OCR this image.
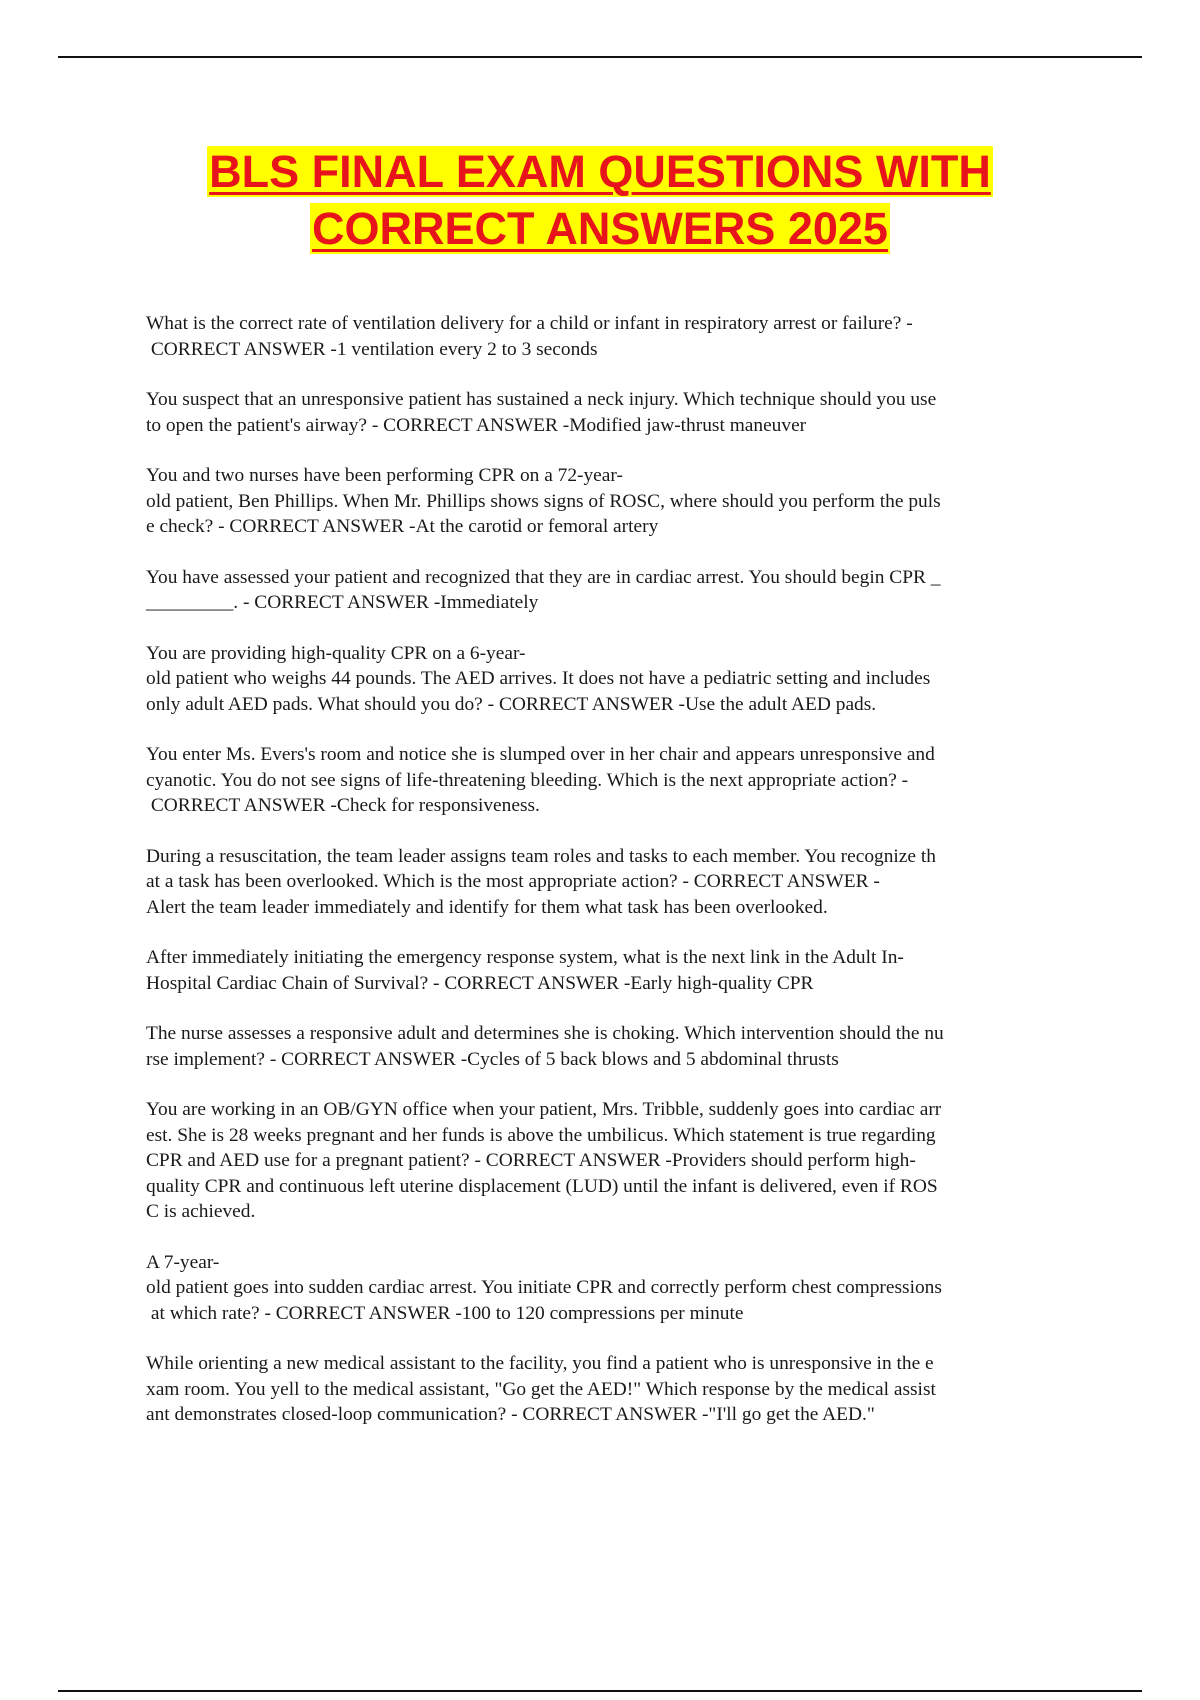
BLS FINAL EXAM QUESTIONS WITH
CORRECT ANSWERS 2025

What is the correct rate of ventilation delivery for a child or infant in respiratory arrest or failure? -
CORRECT ANSWER -1 ventilation every 2 to 3 seconds

You suspect that an unresponsive patient has sustained a neck injury. Which technique should you use
to open the patient's airway? - CORRECT ANSWER -Modified jaw-thrust maneuver

You and two nurses have been performing CPR on a 72-year-
old patient, Ben Phillips. When Mr. Phillips shows signs of ROSC, where should you perform the puls
e check? - CORRECT ANSWER -At the carotid or femoral artery

You have assessed your patient and recognized that they are in cardiac arrest. You should begin CPR _
_________. - CORRECT ANSWER -Immediately

You are providing high-quality CPR on a 6-year-
old patient who weighs 44 pounds. The AED arrives. It does not have a pediatric setting and includes
only adult AED pads. What should you do? - CORRECT ANSWER -Use the adult AED pads.

You enter Ms. Evers's room and notice she is slumped over in her chair and appears unresponsive and
cyanotic. You do not see signs of life-threatening bleeding. Which is the next appropriate action? -
CORRECT ANSWER -Check for responsiveness.

During a resuscitation, the team leader assigns team roles and tasks to each member. You recognize th
at a task has been overlooked. Which is the most appropriate action? - CORRECT ANSWER -
Alert the team leader immediately and identify for them what task has been overlooked.

After immediately initiating the emergency response system, what is the next link in the Adult In-
Hospital Cardiac Chain of Survival? - CORRECT ANSWER -Early high-quality CPR

The nurse assesses a responsive adult and determines she is choking. Which intervention should the nu
rse implement? - CORRECT ANSWER -Cycles of 5 back blows and 5 abdominal thrusts

You are working in an OB/GYN office when your patient, Mrs. Tribble, suddenly goes into cardiac arr
est. She is 28 weeks pregnant and her funds is above the umbilicus. Which statement is true regarding
CPR and AED use for a pregnant patient? - CORRECT ANSWER -Providers should perform high-
quality CPR and continuous left uterine displacement (LUD) until the infant is delivered, even if ROS
C is achieved.

A 7-year-
old patient goes into sudden cardiac arrest. You initiate CPR and correctly perform chest compressions
at which rate? - CORRECT ANSWER -100 to 120 compressions per minute

While orienting a new medical assistant to the facility, you find a patient who is unresponsive in the e
xam room. You yell to the medical assistant, "Go get the AED!" Which response by the medical assist
ant demonstrates closed-loop communication? - CORRECT ANSWER -"I'll go get the AED."
